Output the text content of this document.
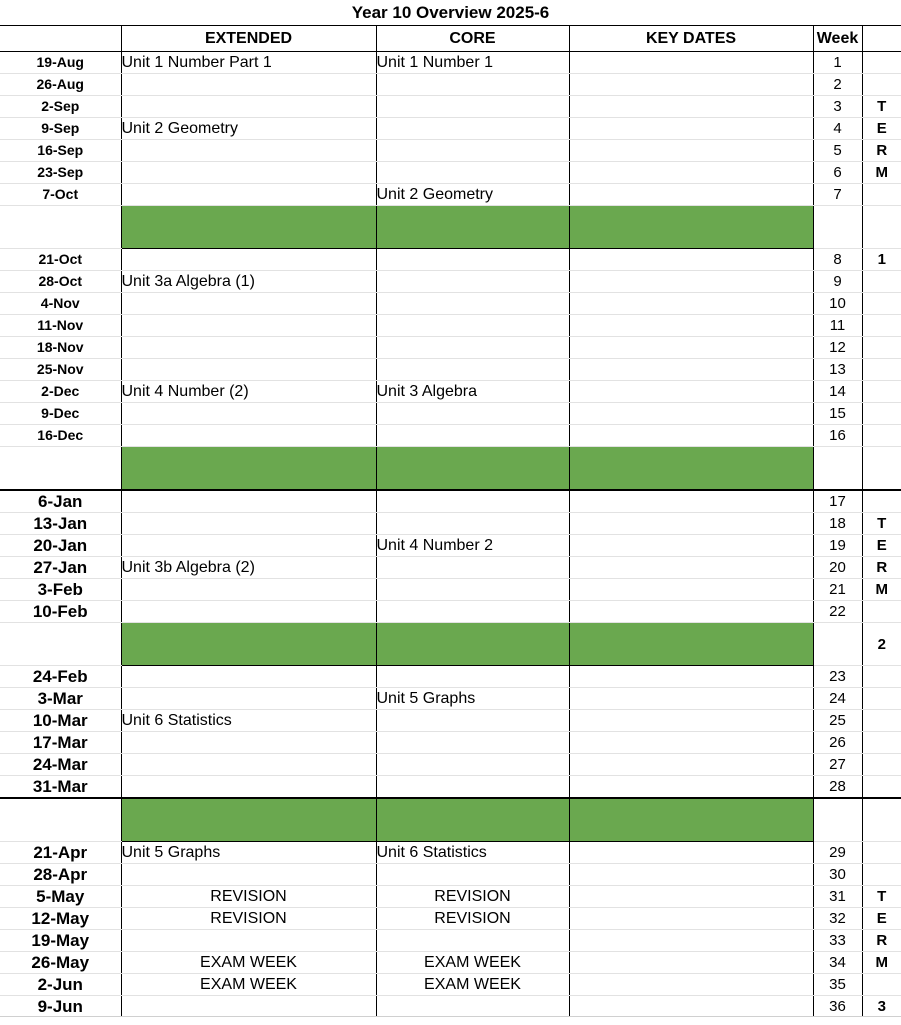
Year 10 Overview 2025-6
	EXTENDED	CORE	KEY DATES	Week	
19-Aug	Unit 1 Number Part 1	Unit 1 Number 1		1	
26-Aug				2	
2-Sep				3	T
9-Sep	Unit 2 Geometry			4	E
16-Sep				5	R
23-Sep				6	M
7-Oct		Unit 2 Geometry		7	

21-Oct				8	1
28-Oct	Unit 3a Algebra (1)			9	
4-Nov				10	
11-Nov				11	
18-Nov				12	
25-Nov				13	
2-Dec	Unit 4 Number (2)	Unit 3 Algebra		14	
9-Dec				15	
16-Dec				16	

6-Jan				17	
13-Jan				18	T
20-Jan		Unit 4 Number 2		19	E
27-Jan	Unit 3b Algebra (2)			20	R
3-Feb				21	M
10-Feb				22	
					2
24-Feb				23	
3-Mar		Unit 5 Graphs		24	
10-Mar	Unit 6 Statistics			25	
17-Mar				26	
24-Mar				27	
31-Mar				28	

21-Apr	Unit 5 Graphs	Unit 6 Statistics		29	
28-Apr				30	
5-May	REVISION	REVISION		31	T
12-May	REVISION	REVISION		32	E
19-May				33	R
26-May	EXAM WEEK	EXAM WEEK		34	M
2-Jun	EXAM WEEK	EXAM WEEK		35	
9-Jun				36	3
